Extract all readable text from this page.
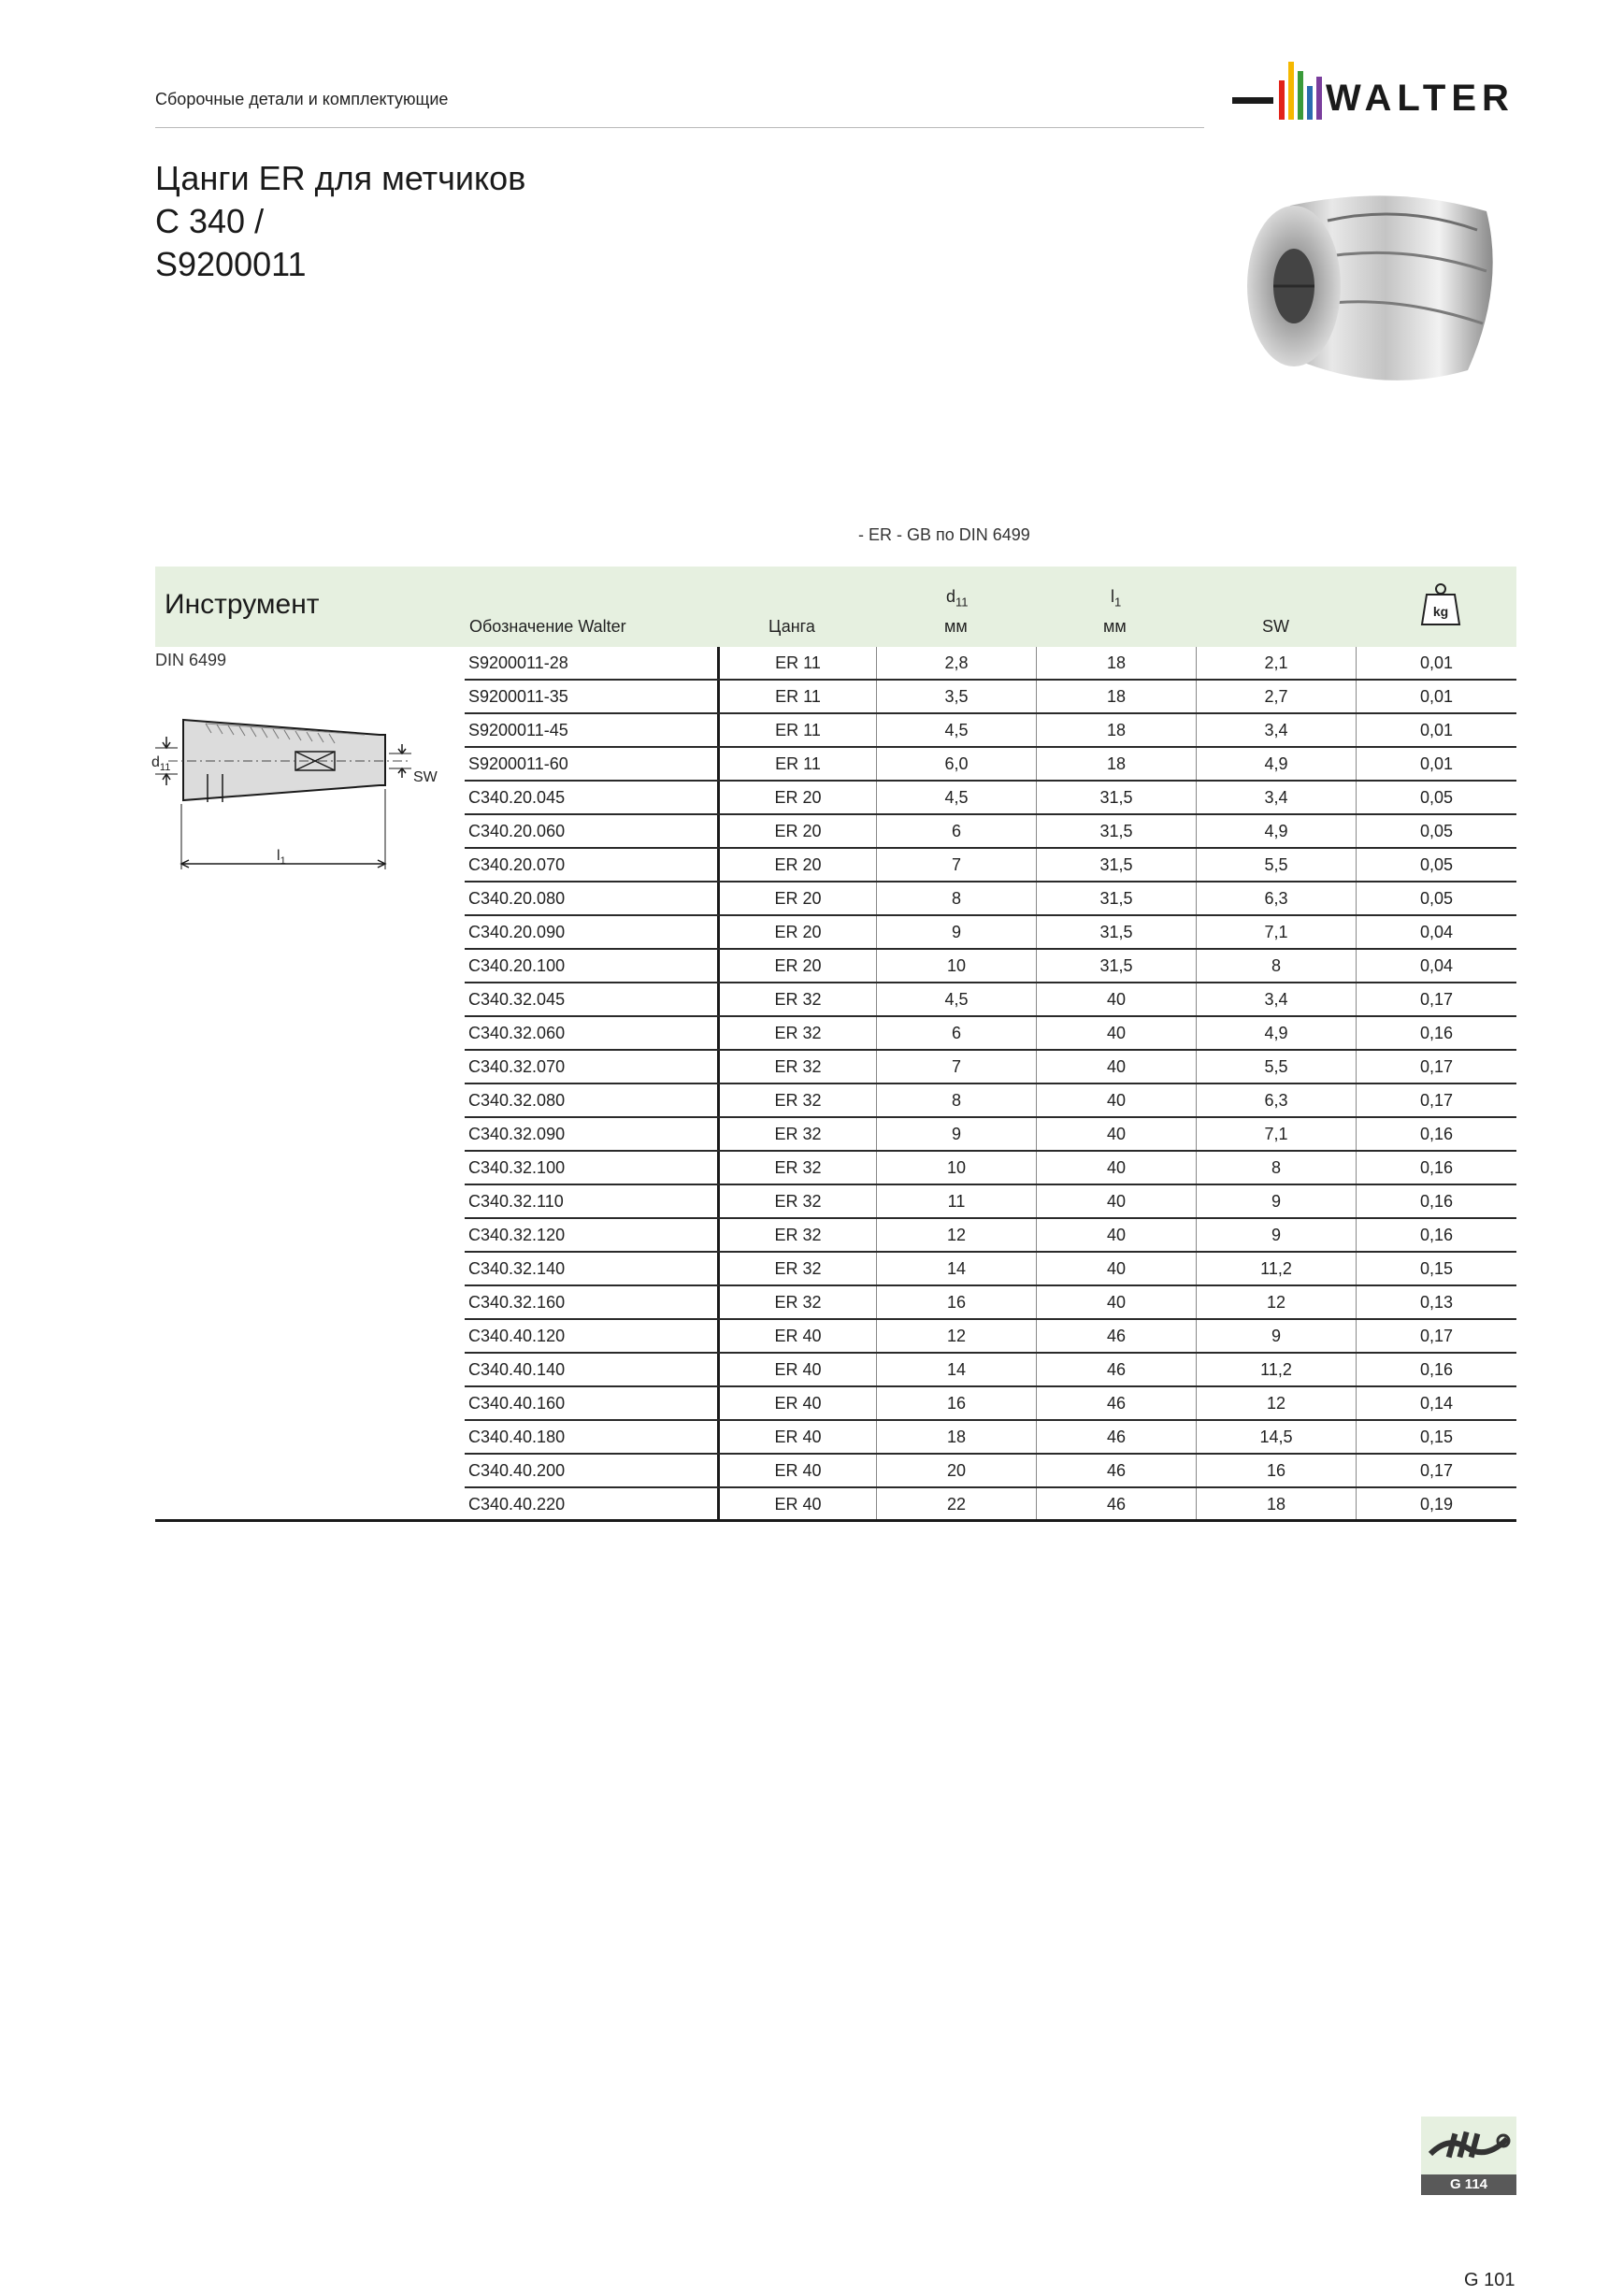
Сборочные детали и комплектующие	WALTER
Цанги ER для метчиков
C 340 /
S9200011
- ER - GB по DIN 6499
Обозначение Walter	Цанга
$d_{11}$
мм
$l_1$
мм	SW
kg
Инструмент
DIN 6499
$d_{11}$
SW
$l_1$
S9200011-28	ER 11	2,8	18	2,1	0,01
S9200011-35	ER 11	3,5	18	2,7	0,01
S9200011-45	ER 11	4,5	18	3,4	0,01
S9200011-60	ER 11	6,0	18	4,9	0,01
C340.20.045	ER 20	4,5	31,5	3,4	0,05
C340.20.060	ER 20	6	31,5	4,9	0,05
C340.20.070	ER 20	7	31,5	5,5	0,05
C340.20.080	ER 20	8	31,5	6,3	0,05
C340.20.090	ER 20	9	31,5	7,1	0,04
C340.20.100	ER 20	10	31,5	8	0,04
C340.32.045	ER 32	4,5	40	3,4	0,17
C340.32.060	ER 32	6	40	4,9	0,16
C340.32.070	ER 32	7	40	5,5	0,17
C340.32.080	ER 32	8	40	6,3	0,17
C340.32.090	ER 32	9	40	7,1	0,16
C340.32.100	ER 32	10	40	8	0,16
C340.32.110	ER 32	11	40	9	0,16
C340.32.120	ER 32	12	40	9	0,16
C340.32.140	ER 32	14	40	11,2	0,15
C340.32.160	ER 32	16	40	12	0,13
C340.40.120	ER 40	12	46	9	0,17
C340.40.140	ER 40	14	46	11,2	0,16
C340.40.160	ER 40	16	46	12	0,14
C340.40.180	ER 40	18	46	14,5	0,15
C340.40.200	ER 40	20	46	16	0,17
C340.40.220	ER 40	22	46	18	0,19
G 114
G 101
